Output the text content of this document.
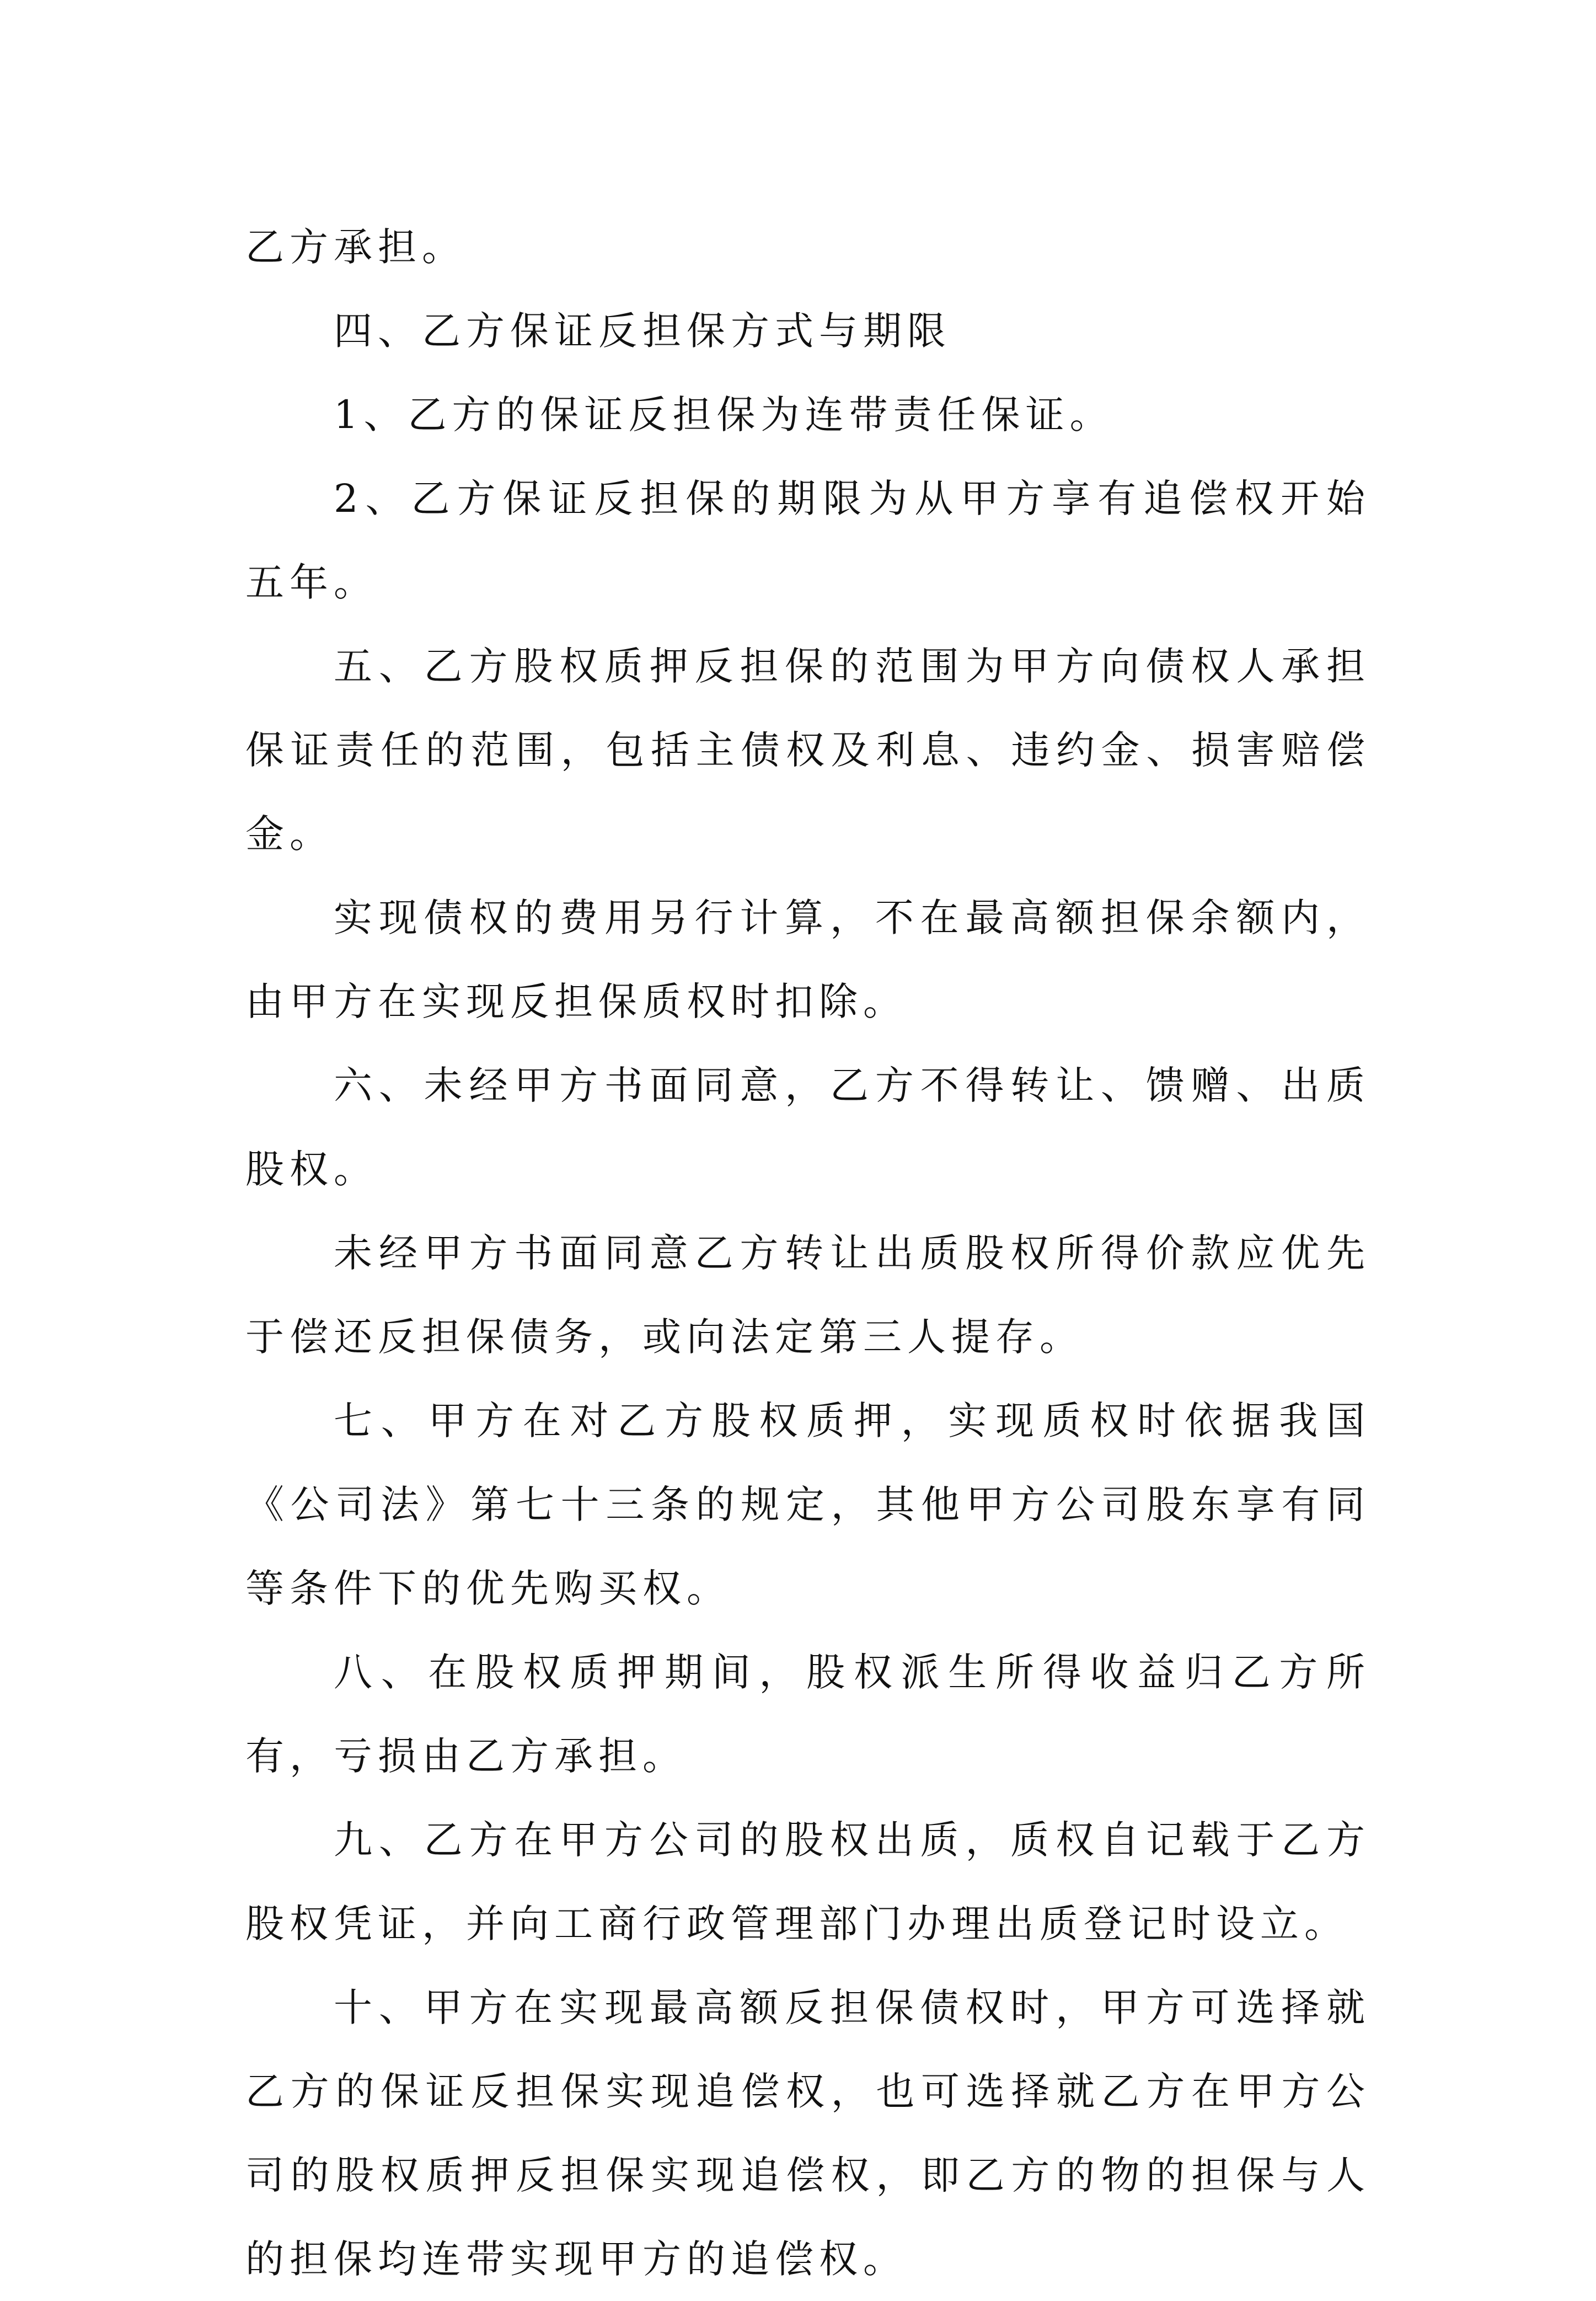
乙方承担。

四、乙方保证反担保方式与期限

1、乙方的保证反担保为连带责任保证。

2、乙方保证反担保的期限为从甲方享有追偿权开始五年。

五、乙方股权质押反担保的范围为甲方向债权人承担保证责任的范围，包括主债权及利息、违约金、损害赔偿金。

实现债权的费用另行计算，不在最高额担保余额内，由甲方在实现反担保质权时扣除。

六、未经甲方书面同意，乙方不得转让、馈赠、出质股权。

未经甲方书面同意乙方转让出质股权所得价款应优先于偿还反担保债务，或向法定第三人提存。

七、甲方在对乙方股权质押，实现质权时依据我国《公司法》第七十三条的规定，其他甲方公司股东享有同等条件下的优先购买权。

八、在股权质押期间，股权派生所得收益归乙方所有，亏损由乙方承担。

九、乙方在甲方公司的股权出质，质权自记载于乙方股权凭证，并向工商行政管理部门办理出质登记时设立。

十、甲方在实现最高额反担保债权时，甲方可选择就乙方的保证反担保实现追偿权，也可选择就乙方在甲方公司的股权质押反担保实现追偿权，即乙方的物的担保与人的担保均连带实现甲方的追偿权。
